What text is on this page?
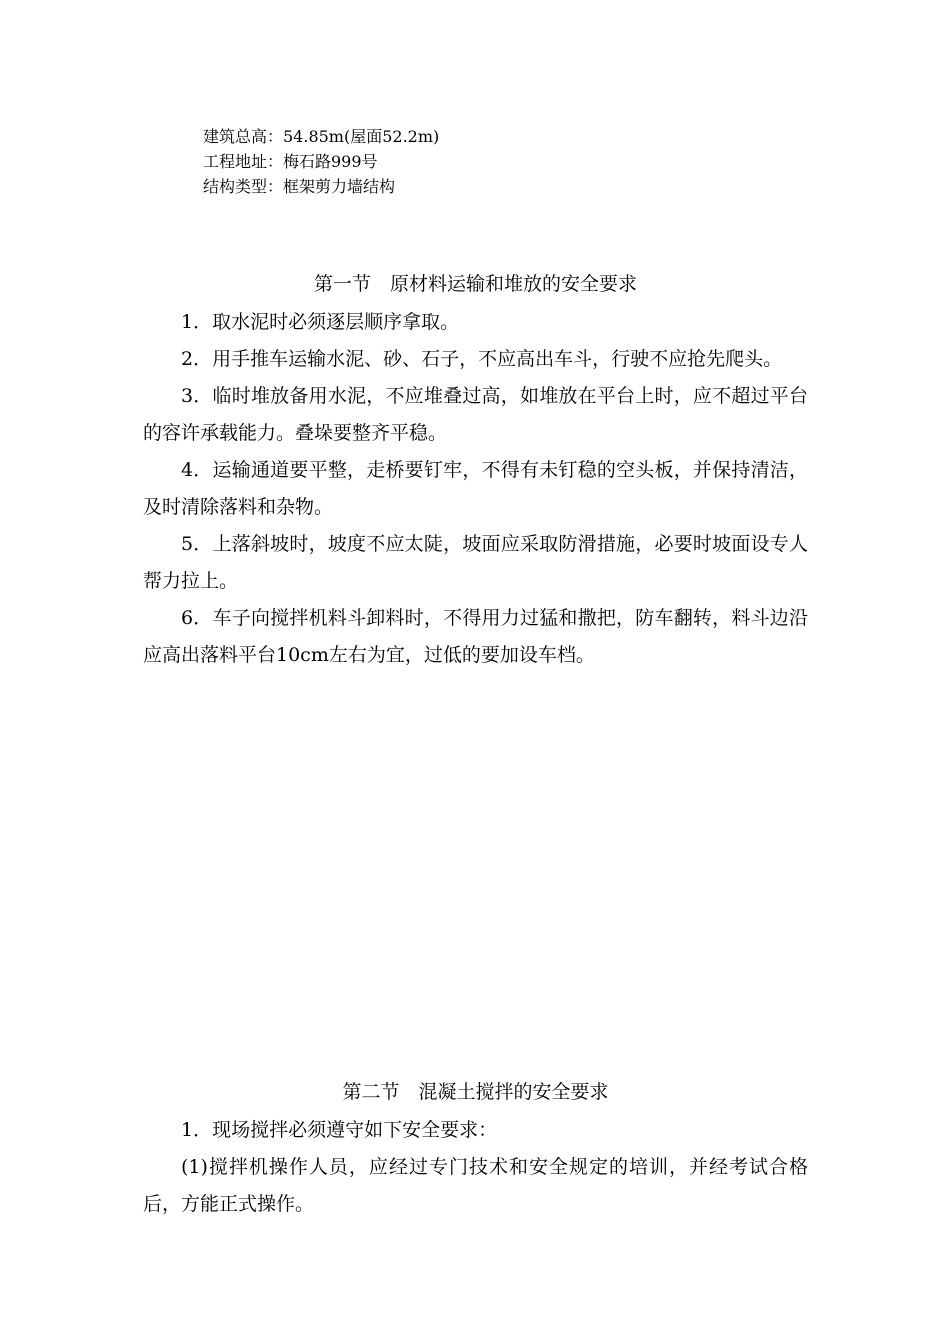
建筑总高：54.85m(屋面52.2m)
工程地址：梅石路999号
结构类型：框架剪力墙结构
第一节　原材料运输和堆放的安全要求

1．取水泥时必须逐层顺序拿取。

2．用手推车运输水泥、砂、石子，不应高出车斗，行驶不应抢先爬头。

3．临时堆放备用水泥，不应堆叠过高，如堆放在平台上时，应不超过平台的容许承载能力。叠垛要整齐平稳。

4．运输通道要平整，走桥要钉牢，不得有未钉稳的空头板，并保持清洁，及时清除落料和杂物。

5．上落斜坡时，坡度不应太陡，坡面应采取防滑措施，必要时坡面设专人帮力拉上。

6．车子向搅拌机料斗卸料时，不得用力过猛和撒把，防车翻转，料斗边沿应高出落料平台10cm左右为宜，过低的要加设车档。

第二节　混凝土搅拌的安全要求

1．现场搅拌必须遵守如下安全要求：

(1)搅拌机操作人员，应经过专门技术和安全规定的培训，并经考试合格后，方能正式操作。
